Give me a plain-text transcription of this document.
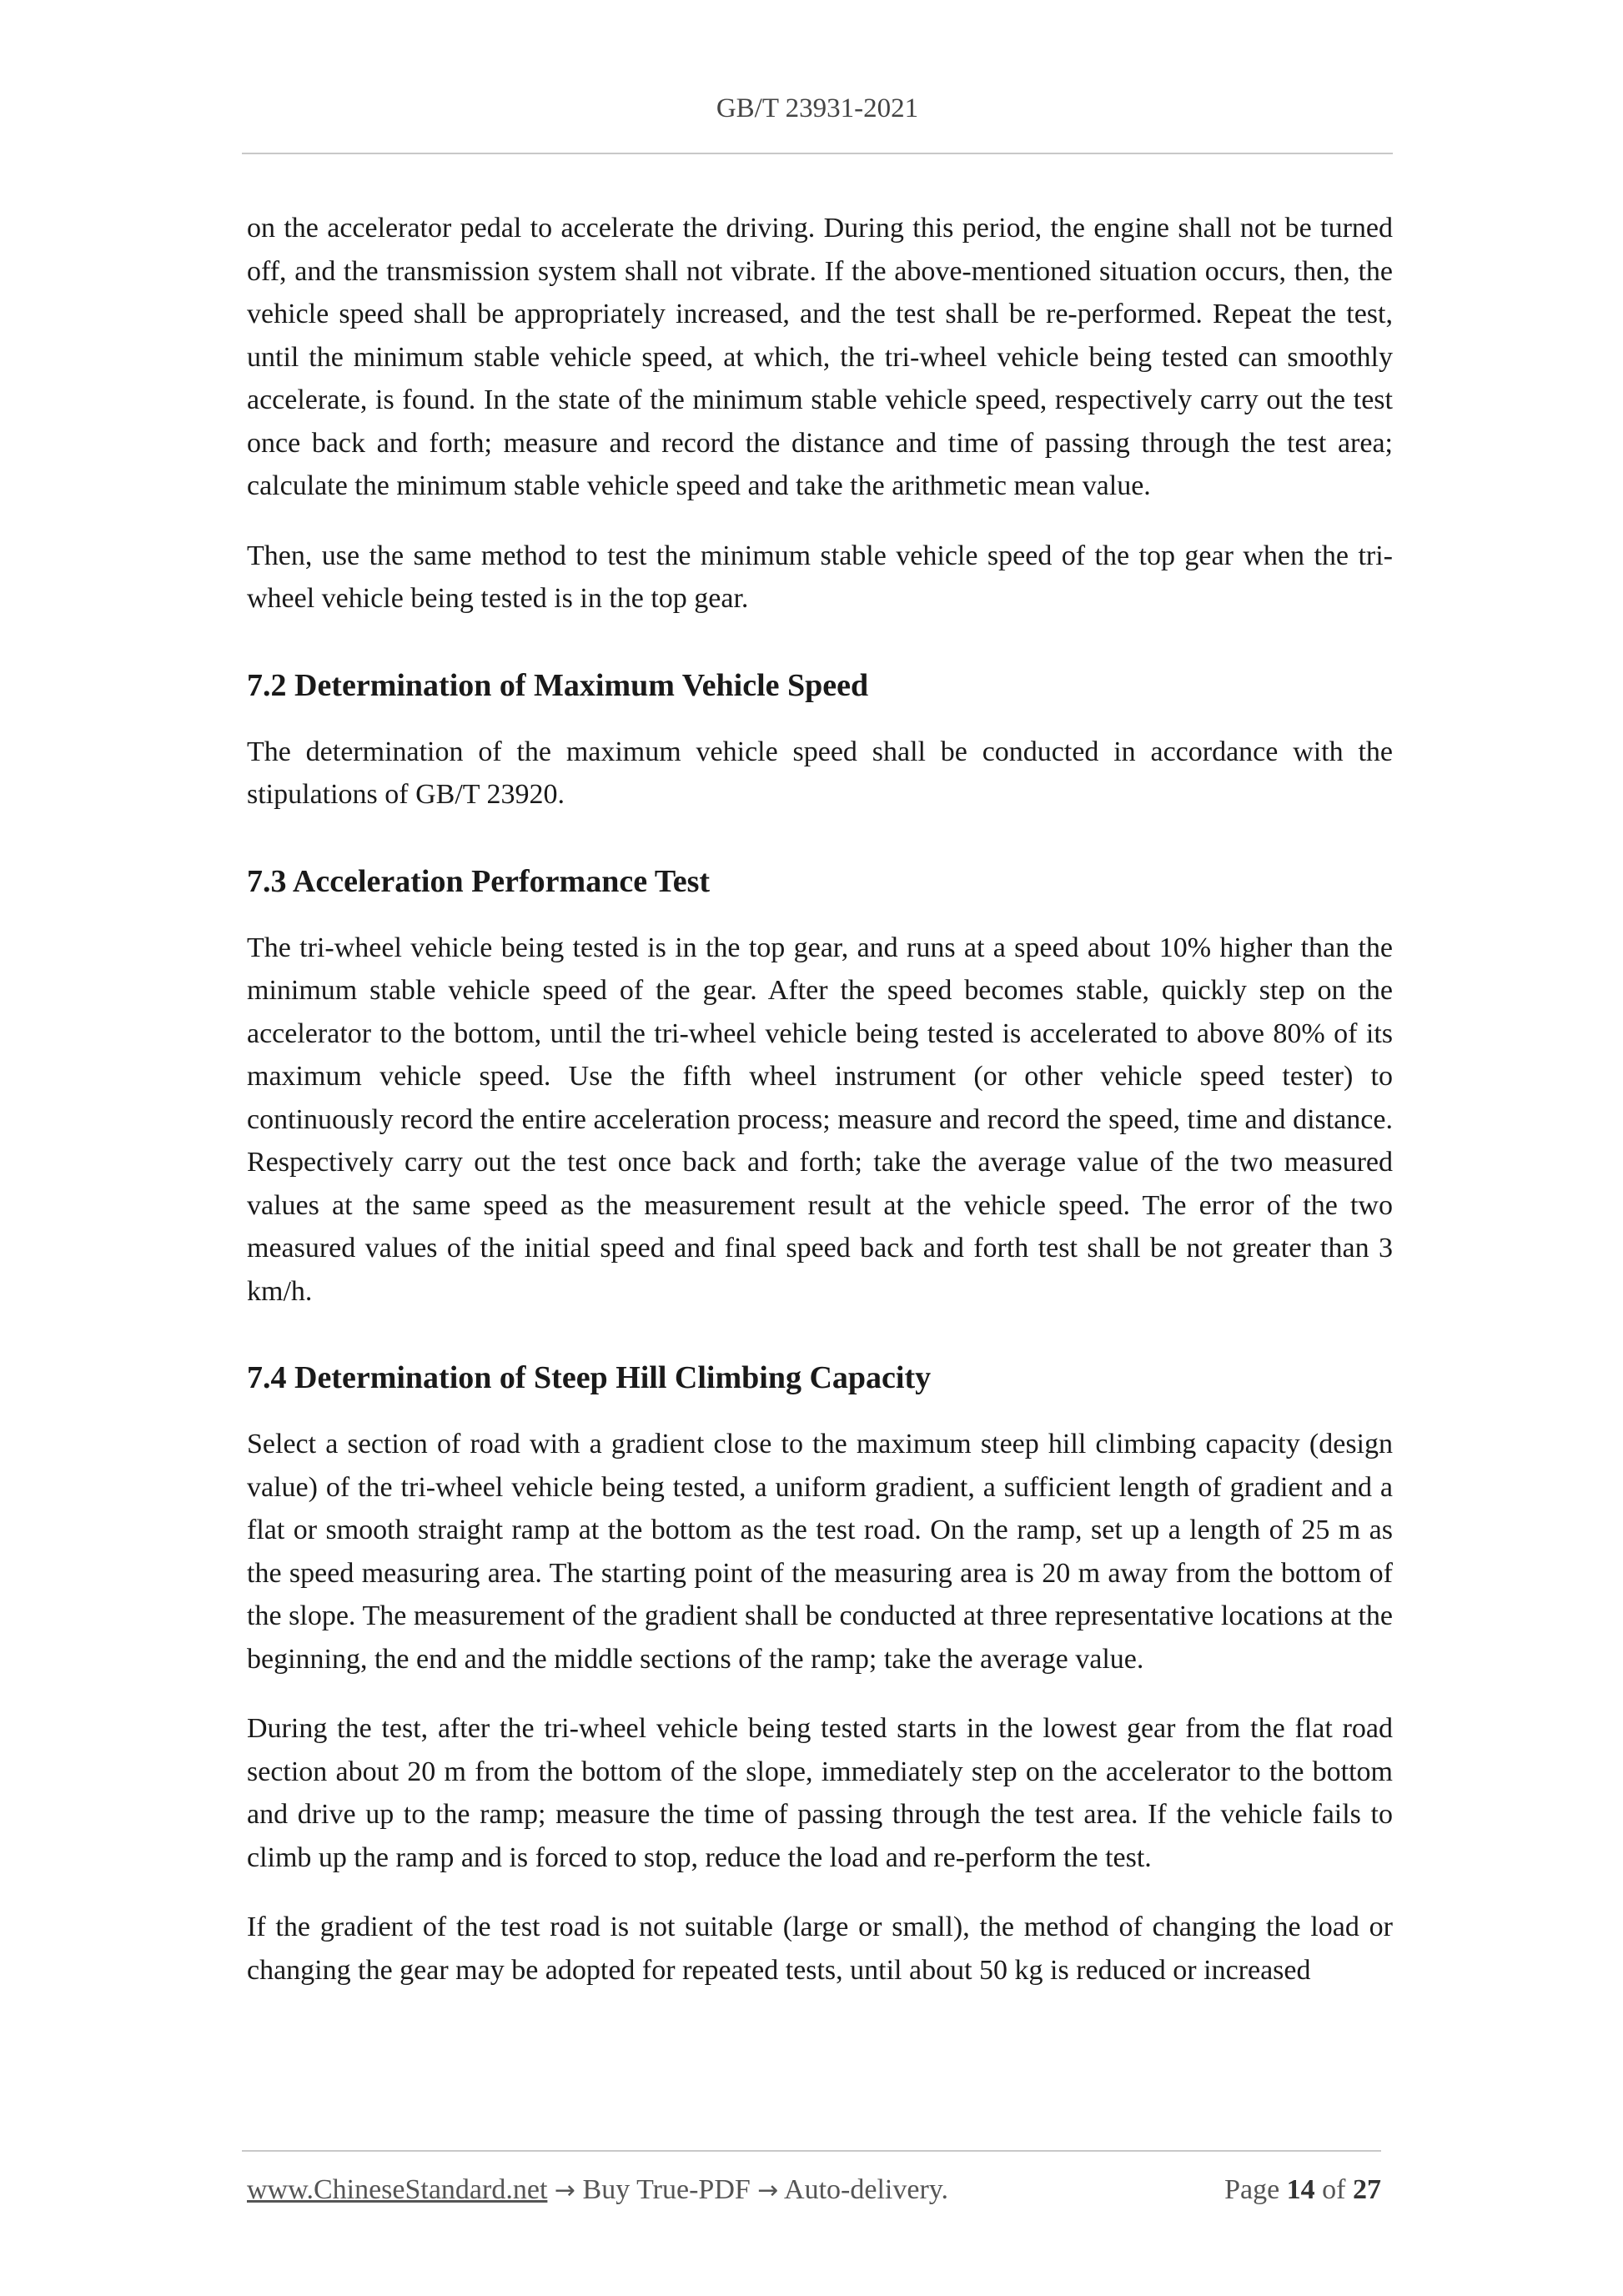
GB/T 23931-2021

on the accelerator pedal to accelerate the driving. During this period, the engine shall not be turned off, and the transmission system shall not vibrate. If the above-mentioned situation occurs, then, the vehicle speed shall be appropriately increased, and the test shall be re-performed. Repeat the test, until the minimum stable vehicle speed, at which, the tri-wheel vehicle being tested can smoothly accelerate, is found. In the state of the minimum stable vehicle speed, respectively carry out the test once back and forth; measure and record the distance and time of passing through the test area; calculate the minimum stable vehicle speed and take the arithmetic mean value.

Then, use the same method to test the minimum stable vehicle speed of the top gear when the tri-wheel vehicle being tested is in the top gear.

7.2 Determination of Maximum Vehicle Speed

The determination of the maximum vehicle speed shall be conducted in accordance with the stipulations of GB/T 23920.

7.3 Acceleration Performance Test

The tri-wheel vehicle being tested is in the top gear, and runs at a speed about 10% higher than the minimum stable vehicle speed of the gear. After the speed becomes stable, quickly step on the accelerator to the bottom, until the tri-wheel vehicle being tested is accelerated to above 80% of its maximum vehicle speed. Use the fifth wheel instrument (or other vehicle speed tester) to continuously record the entire acceleration process; measure and record the speed, time and distance. Respectively carry out the test once back and forth; take the average value of the two measured values at the same speed as the measurement result at the vehicle speed. The error of the two measured values of the initial speed and final speed back and forth test shall be not greater than 3 km/h.

7.4 Determination of Steep Hill Climbing Capacity

Select a section of road with a gradient close to the maximum steep hill climbing capacity (design value) of the tri-wheel vehicle being tested, a uniform gradient, a sufficient length of gradient and a flat or smooth straight ramp at the bottom as the test road. On the ramp, set up a length of 25 m as the speed measuring area. The starting point of the measuring area is 20 m away from the bottom of the slope. The measurement of the gradient shall be conducted at three representative locations at the beginning, the end and the middle sections of the ramp; take the average value.

During the test, after the tri-wheel vehicle being tested starts in the lowest gear from the flat road section about 20 m from the bottom of the slope, immediately step on the accelerator to the bottom and drive up to the ramp; measure the time of passing through the test area. If the vehicle fails to climb up the ramp and is forced to stop, reduce the load and re-perform the test.

If the gradient of the test road is not suitable (large or small), the method of changing the load or changing the gear may be adopted for repeated tests, until about 50 kg is reduced or increased

www.ChineseStandard.net → Buy True-PDF → Auto-delivery.	Page 14 of 27
